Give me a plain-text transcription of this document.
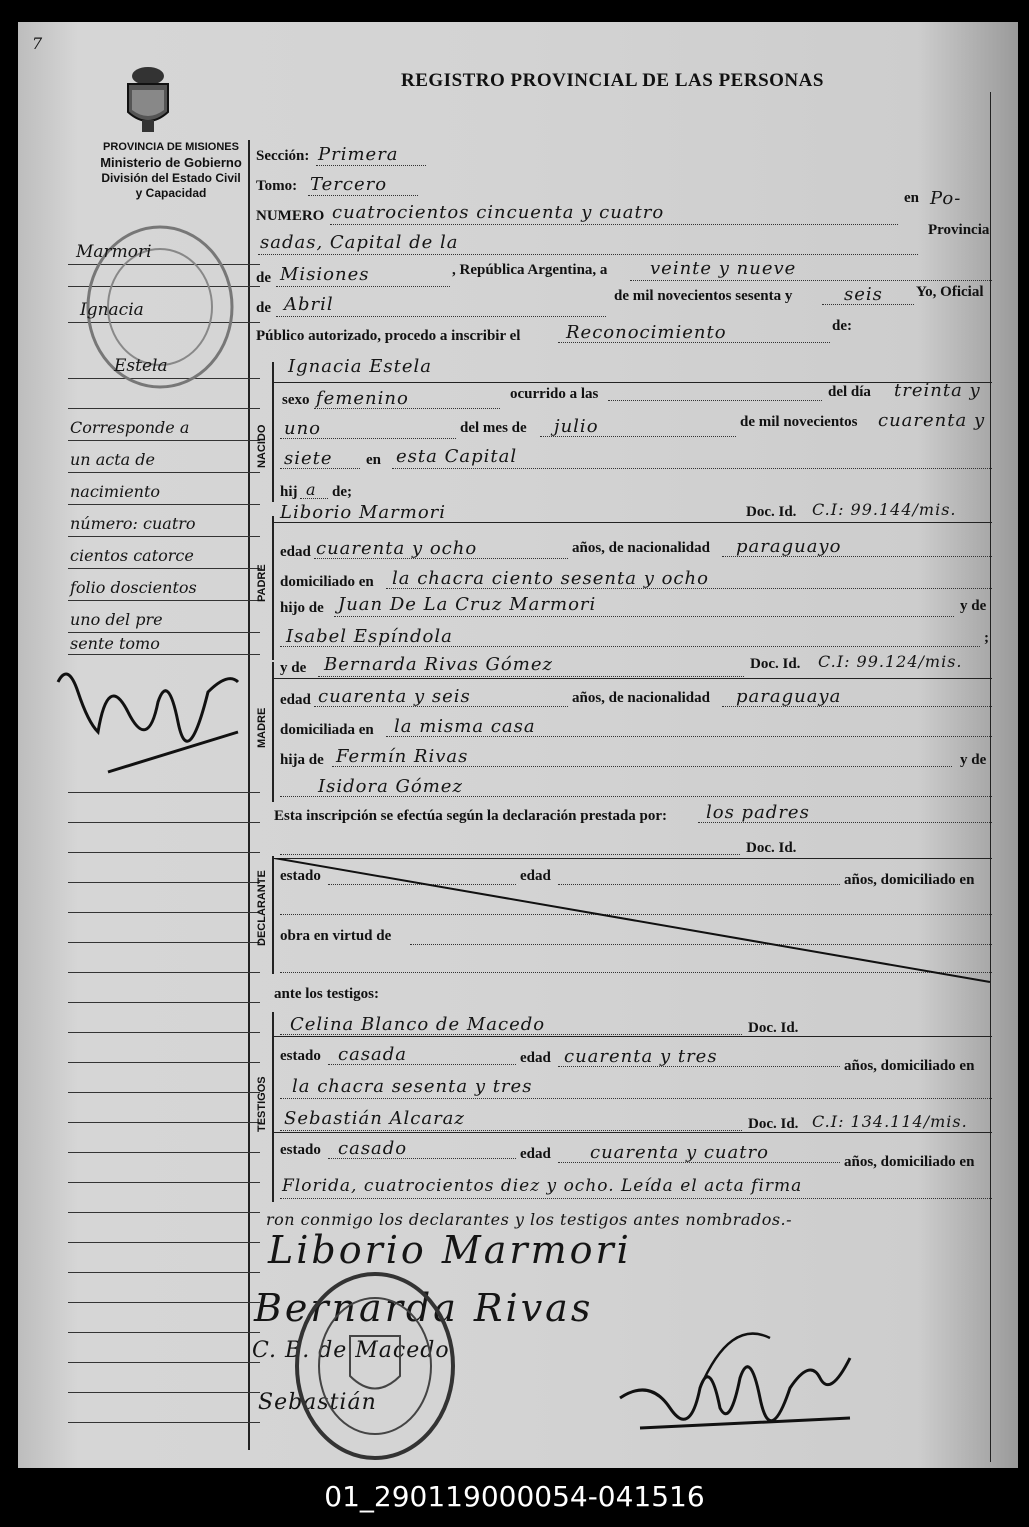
7
PROVINCIA DE MISIONES
Ministerio de Gobierno
División del Estado Civil
y Capacidad
REGISTRO PROVINCIAL DE LAS PERSONAS
Marmori
Ignacia
Estela
Corresponde a
un acta de
nacimiento
número: cuatro
cientos catorce
folio doscientos
uno del pre
sente tomo
Sección: Primera
Tomo: Tercero
NUMERO cuatrocientos cincuenta y cuatro
en Po-
sadas, Capital de la
Provincia
de Misiones	, República Argentina, a veinte y nueve
de Abril	de mil novecientos sesenta y	seis Yo, Oficial
Público autorizado, procedo a inscribir el	Reconocimiento	de:
NACIDO
Ignacia Estela
sexo femenino	ocurrido a las	del día treinta y
uno	del mes de julio	de mil novecientos cuarenta y
siete en esta Capital
hij a de;
PADRE
Liborio Marmori	Doc. Id. C.I: 99.144/mis.
edad cuarenta y ocho	años, de nacionalidad paraguayo
domiciliado en la chacra ciento sesenta y ocho
hijo de Juan De La Cruz Marmori	y de
Isabel Espíndola	;
MADRE
y de Bernarda Rivas Gómez	Doc. Id. C.I: 99.124/mis.
edad cuarenta y seis	años, de nacionalidad paraguaya
domiciliada en la misma casa
hija de Fermín Rivas	y de
Isidora Gómez
Esta inscripción se efectúa según la declaración prestada por: los padres
DECLARANTE
Doc. Id.
estado	edad	años, domiciliado en
obra en virtud de
ante los testigos:
TESTIGOS
Celina Blanco de Macedo	Doc. Id.
estado casada	edad cuarenta y tres	años, domiciliado en
la chacra sesenta y tres
Sebastián Alcaraz	Doc. Id. C.I: 134.114/mis.
estado casado	edad cuarenta y cuatro	años, domiciliado en
Florida, cuatrocientos diez y ocho. Leída el acta firma
ron conmigo los declarantes y los testigos antes nombrados.-
Liborio Marmori
Bernarda Rivas
C. B. de Macedo
Sebastián
01_290119000054-041516
